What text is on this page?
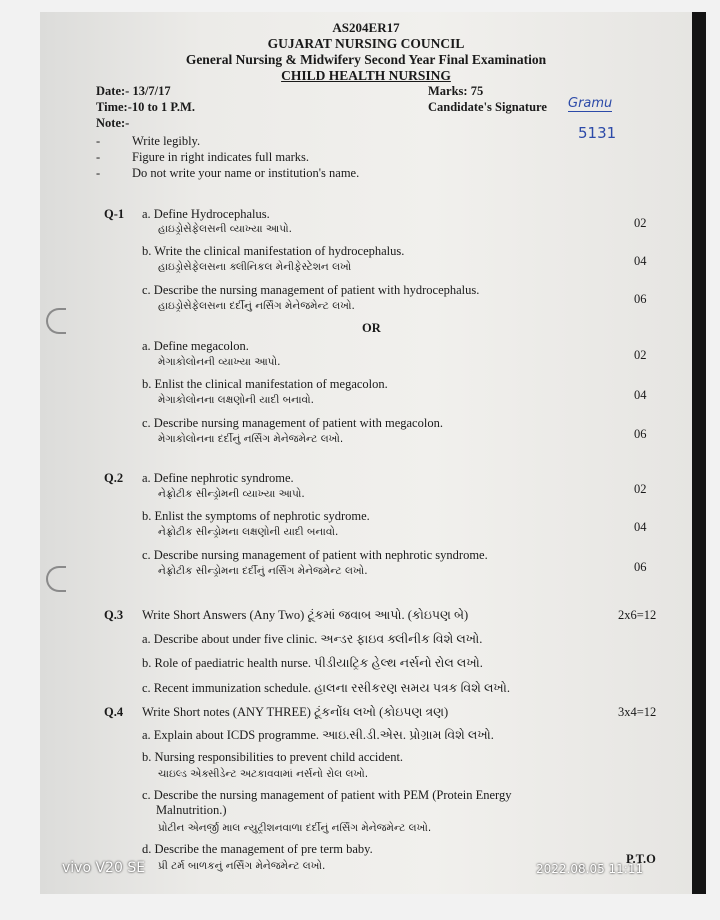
AS204ER17
GUJARAT NURSING COUNCIL
General Nursing & Midwifery Second Year Final Examination
CHILD HEALTH NURSING
Date:- 13/7/17	Marks: 75
Time:-10 to 1 P.M.	Candidate's Signature Gramu
5131
Note:-
-	Write legibly.
-	Figure in right indicates full marks.
-	Do not write your name or institution's name.
Q-1 a. Define Hydrocephalus.
હાઇડ્રોસેફેલસની વ્યાખ્યા આપો.	02
b. Write the clinical manifestation of hydrocephalus.
હાઇડ્રોસેફેલસના ક્લીનિકલ મેનીફેસ્ટેશન લખો	04
c. Describe the nursing management of patient with hydrocephalus.
હાઇડ્રોસેફેલસના દર્દીનું નર્સિંગ મેનેજમેન્ટ લખો.	06
OR
a. Define megacolon.
મેગાકોલોનની વ્યાખ્યા આપો.	02
b. Enlist the clinical manifestation of megacolon.
મેગાકોલોનના લક્ષણોની યાદી બનાવો.	04
c. Describe nursing management of patient with megacolon.
મેગાકોલોનના દર્દીનું નર્સિંગ મેનેજમેન્ટ લખો.	06
Q.2 a. Define nephrotic syndrome.
નેફ્રોટીક સીન્ડ્રોમની વ્યાખ્યા આપો.	02
b. Enlist the symptoms of nephrotic sydrome.
નેફ્રોટીક સીન્ડ્રોમના લક્ષણોની યાદી બનાવો.	04
c. Describe nursing management of patient with nephrotic syndrome.
નેફ્રોટીક સીન્ડ્રોમના દર્દીનું નર્સિંગ મેનેજમેન્ટ લખો.	06
Q.3 Write Short Answers (Any Two) ટૂંકમાં જવાબ આપો. (કોઇપણ બે)	2x6=12
a. Describe about under five clinic. અન્ડર ફાઇવ ક્લીનીક વિશે લખો.
b. Role of paediatric health nurse. પીડીયાટ્રિક હેલ્થ નર્સનો રોલ લખો.
c. Recent immunization schedule. હાલના રસીકરણ સમય પત્રક વિશે લખો.
Q.4 Write Short notes (ANY THREE) ટૂંકનોંધ લખો (કોઇપણ ત્રણ)	3x4=12
a. Explain about ICDS programme. આઇ.સી.ડી.એસ. પ્રોગ્રામ વિશે લખો.
b. Nursing responsibilities to prevent child accident.
ચાઇલ્ડ એક્સીડેન્ટ અટકાવવામાં નર્સનો રોલ લખો.
c. Describe the nursing management of patient with PEM (Protein Energy
Malnutrition.)
પ્રોટીન એનર્જી માલ ન્યુટ્રીશનવાળા દર્દીનું નર્સિંગ મેનેજમેન્ટ લખો.
d. Describe the management of pre term baby.
પ્રી ટર્મ બાળકનું નર્સિંગ મેનેજમેન્ટ લખો.	P.T.O
vivo V20 SE	2022.08.05 11:11
